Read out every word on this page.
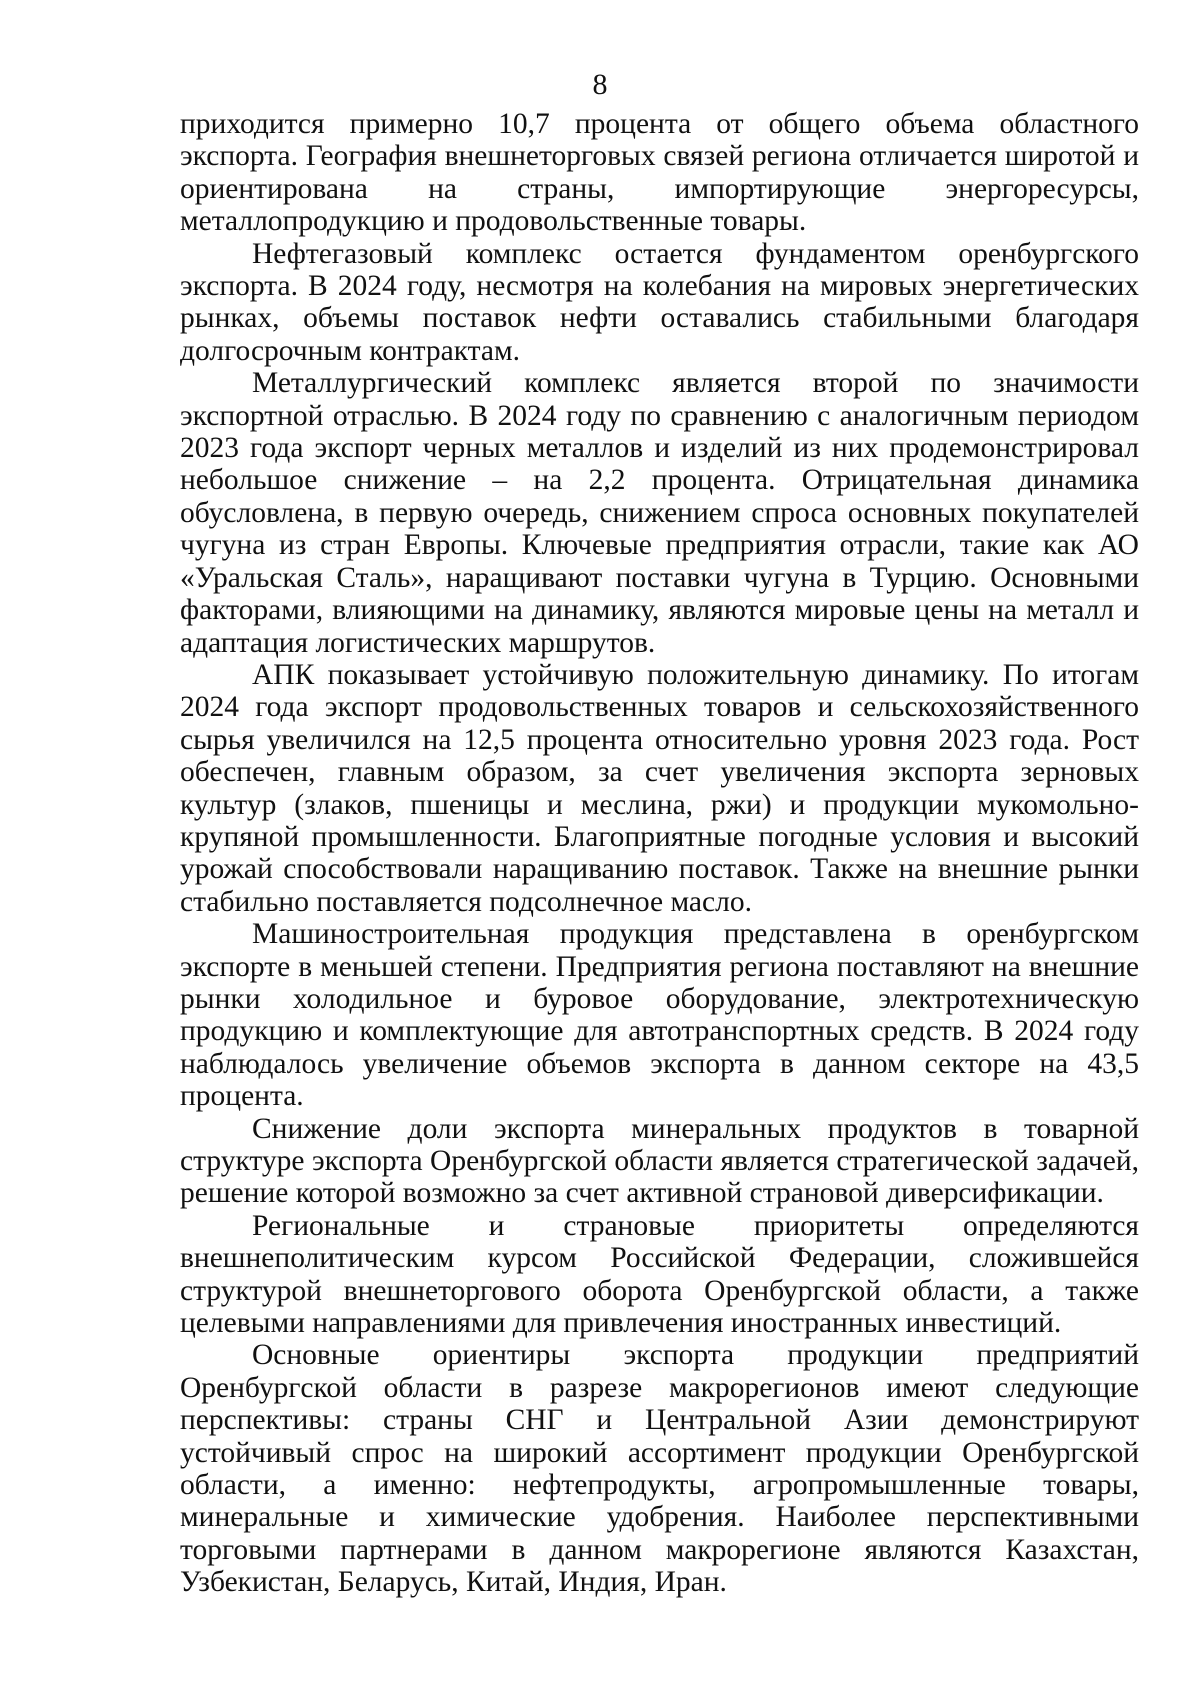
8

приходится примерно 10,7 процента от общего объема областного экспорта. География внешнеторговых связей региона отличается широтой и ориентирована на страны, импортирующие энергоресурсы, металлопродукцию и продовольственные товары.

Нефтегазовый комплекс остается фундаментом оренбургского экспорта. В 2024 году, несмотря на колебания на мировых энергетических рынках, объемы поставок нефти оставались стабильными благодаря долгосрочным контрактам.

Металлургический комплекс является второй по значимости экспортной отраслью. В 2024 году по сравнению с аналогичным периодом 2023 года экспорт черных металлов и изделий из них продемонстрировал небольшое снижение – на 2,2 процента. Отрицательная динамика обусловлена, в первую очередь, снижением спроса основных покупателей чугуна из стран Европы. Ключевые предприятия отрасли, такие как АО «Уральская Сталь», наращивают поставки чугуна в Турцию. Основными факторами, влияющими на динамику, являются мировые цены на металл и адаптация логистических маршрутов.

АПК показывает устойчивую положительную динамику. По итогам 2024 года экспорт продовольственных товаров и сельскохозяйственного сырья увеличился на 12,5 процента относительно уровня 2023 года. Рост обеспечен, главным образом, за счет увеличения экспорта зерновых культур (злаков, пшеницы и меслина, ржи) и продукции мукомольно-крупяной промышленности. Благоприятные погодные условия и высокий урожай способствовали наращиванию поставок. Также на внешние рынки стабильно поставляется подсолнечное масло.

Машиностроительная продукция представлена в оренбургском экспорте в меньшей степени. Предприятия региона поставляют на внешние рынки холодильное и буровое оборудование, электротехническую продукцию и комплектующие для автотранспортных средств. В 2024 году наблюдалось увеличение объемов экспорта в данном секторе на 43,5 процента.

Снижение доли экспорта минеральных продуктов в товарной структуре экспорта Оренбургской области является стратегической задачей, решение которой возможно за счет активной страновой диверсификации.

Региональные и страновые приоритеты определяются внешнеполитическим курсом Российской Федерации, сложившейся структурой внешнеторгового оборота Оренбургской области, а также целевыми направлениями для привлечения иностранных инвестиций.

Основные ориентиры экспорта продукции предприятий Оренбургской области в разрезе макрорегионов имеют следующие перспективы: страны СНГ и Центральной Азии демонстрируют устойчивый спрос на широкий ассортимент продукции Оренбургской области, а именно: нефтепродукты, агропромышленные товары, минеральные и химические удобрения. Наиболее перспективными торговыми партнерами в данном макрорегионе являются Казахстан, Узбекистан, Беларусь, Китай, Индия, Иран.
